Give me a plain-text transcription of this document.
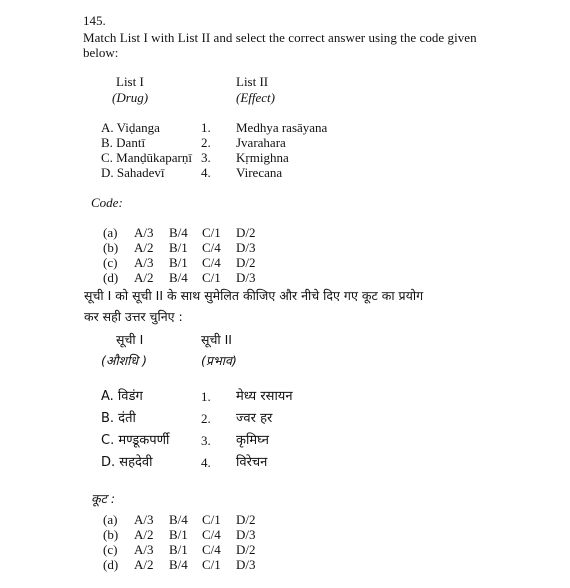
145.
Match List I with List II and select the correct answer using the code given
below:
List I	List II
(Drug)	(Effect)
A. Viḍanga	1. Medhya rasāyana
B. Dantī	2. Jvarahara
C. Manḍūkaparṇī 3. Kṛmighna
D. Sahadevī	4. Virecana
Code:
(a) A/3 B/4 C/1 D/2
(b) A/2 B/1 C/4 D/3
(c) A/3 B/1 C/4 D/2
(d) A/2 B/4 C/1 D/3
सूची I को सूची II के साथ सुमेलित कीजिए और नीचे दिए गए कूट का प्रयोग
कर सही उत्तर चुनिए :
सूची I	सूची II
(औशधि )	(प्रभाव)
A. विडंग	1. मेध्य रसायन
B. दंती	2. ज्वर हर
C. मण्डूकपर्णी 3. कृमिघ्न
D. सहदेवी	4. विरेचन
कूट :
(a) A/3 B/4 C/1 D/2
(b) A/2 B/1 C/4 D/3
(c) A/3 B/1 C/4 D/2
(d) A/2 B/4 C/1 D/3
